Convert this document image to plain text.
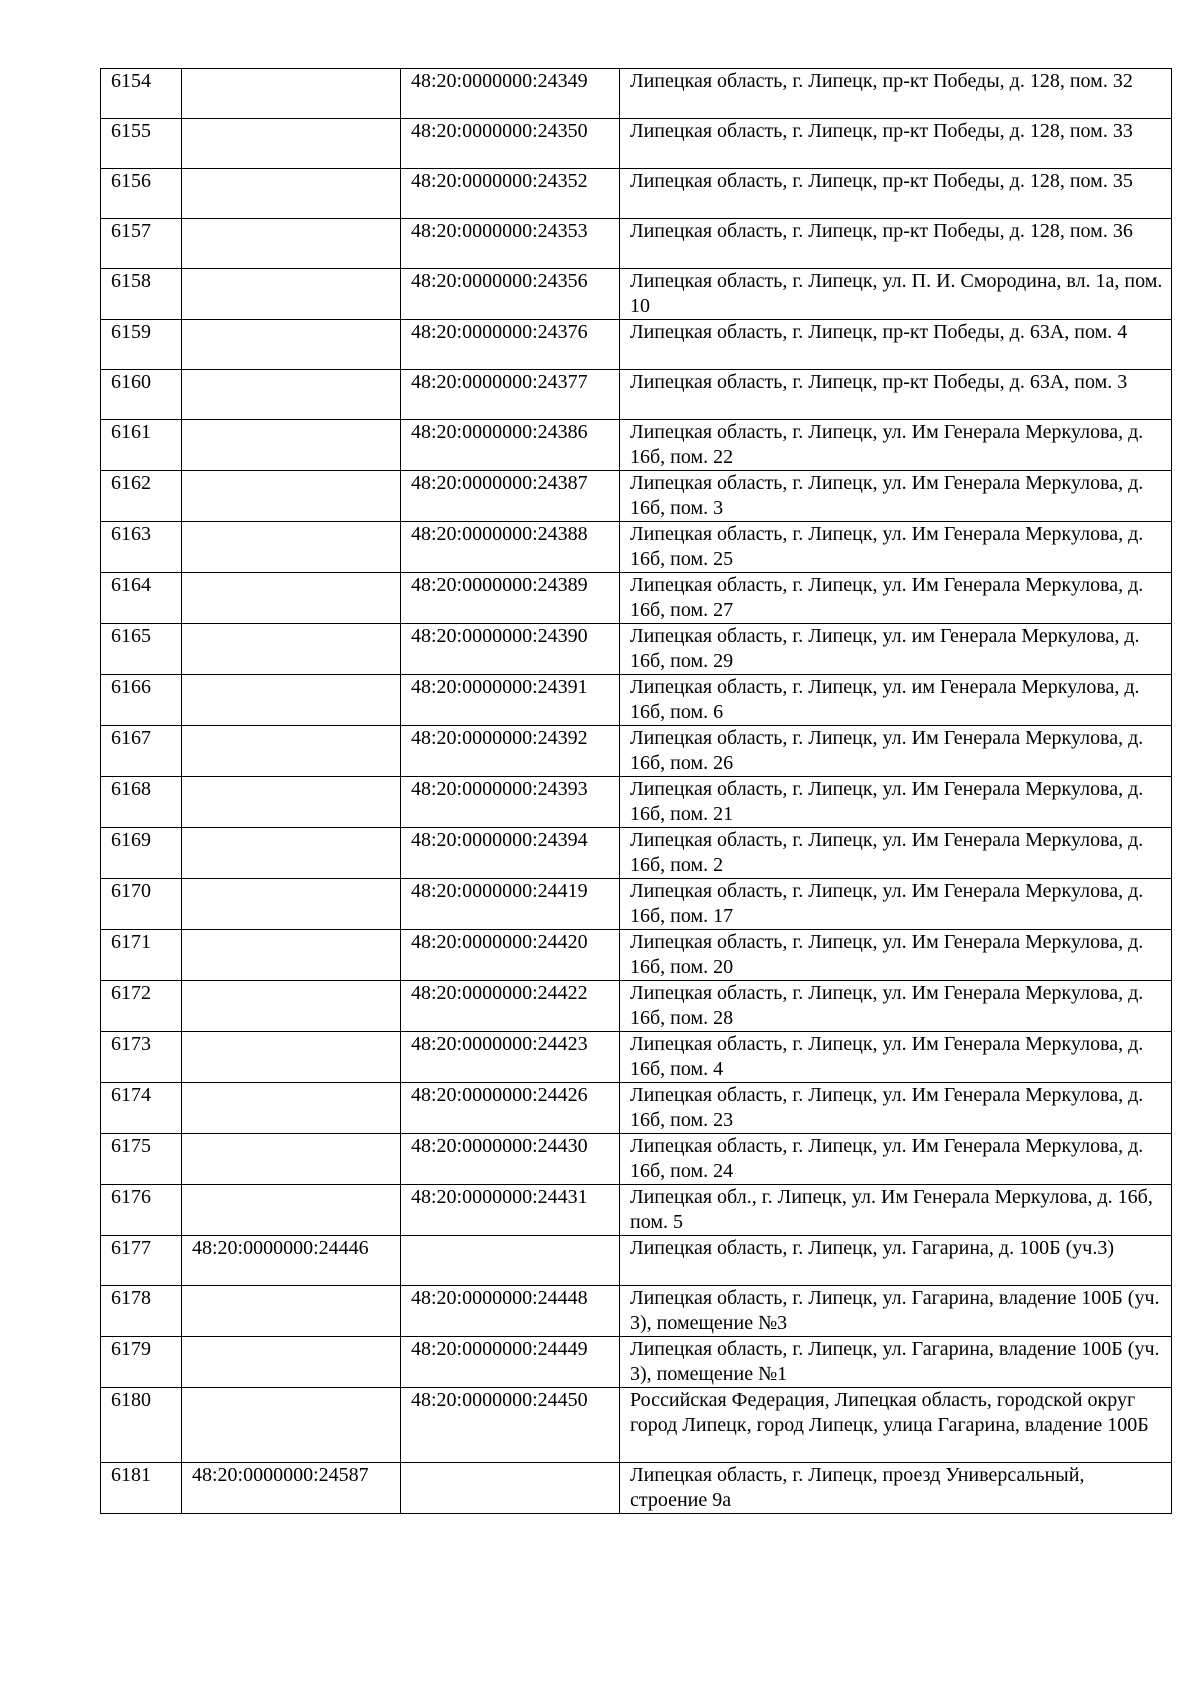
6154		48:20:0000000:24349	Липецкая область, г. Липецк, пр-кт Победы, д. 128, пом. 32
6155		48:20:0000000:24350	Липецкая область, г. Липецк, пр-кт Победы, д. 128, пом. 33
6156		48:20:0000000:24352	Липецкая область, г. Липецк, пр-кт Победы, д. 128, пом. 35
6157		48:20:0000000:24353	Липецкая область, г. Липецк, пр-кт Победы, д. 128, пом. 36
6158		48:20:0000000:24356	Липецкая область, г. Липецк, ул. П. И. Смородина, вл. 1а, пом. 10
6159		48:20:0000000:24376	Липецкая область, г. Липецк, пр-кт Победы, д. 63А, пом. 4
6160		48:20:0000000:24377	Липецкая область, г. Липецк, пр-кт Победы, д. 63А, пом. 3
6161		48:20:0000000:24386	Липецкая область, г. Липецк, ул. Им Генерала Меркулова, д. 16б, пом. 22
6162		48:20:0000000:24387	Липецкая область, г. Липецк, ул. Им Генерала Меркулова, д. 16б, пом. 3
6163		48:20:0000000:24388	Липецкая область, г. Липецк, ул. Им Генерала Меркулова, д. 16б, пом. 25
6164		48:20:0000000:24389	Липецкая область, г. Липецк, ул. Им Генерала Меркулова, д. 16б, пом. 27
6165		48:20:0000000:24390	Липецкая область, г. Липецк, ул. им Генерала Меркулова, д. 16б, пом. 29
6166		48:20:0000000:24391	Липецкая область, г. Липецк, ул. им Генерала Меркулова, д. 16б, пом. 6
6167		48:20:0000000:24392	Липецкая область, г. Липецк, ул. Им Генерала Меркулова, д. 16б, пом. 26
6168		48:20:0000000:24393	Липецкая область, г. Липецк, ул. Им Генерала Меркулова, д. 16б, пом. 21
6169		48:20:0000000:24394	Липецкая область, г. Липецк, ул. Им Генерала Меркулова, д. 16б, пом. 2
6170		48:20:0000000:24419	Липецкая область, г. Липецк, ул. Им Генерала Меркулова, д. 16б, пом. 17
6171		48:20:0000000:24420	Липецкая область, г. Липецк, ул. Им Генерала Меркулова, д. 16б, пом. 20
6172		48:20:0000000:24422	Липецкая область, г. Липецк, ул. Им Генерала Меркулова, д. 16б, пом. 28
6173		48:20:0000000:24423	Липецкая область, г. Липецк, ул. Им Генерала Меркулова, д. 16б, пом. 4
6174		48:20:0000000:24426	Липецкая область, г. Липецк, ул. Им Генерала Меркулова, д. 16б, пом. 23
6175		48:20:0000000:24430	Липецкая область, г. Липецк, ул. Им Генерала Меркулова, д. 16б, пом. 24
6176		48:20:0000000:24431	Липецкая обл., г. Липецк, ул. Им Генерала Меркулова, д. 16б, пом. 5
6177	48:20:0000000:24446		Липецкая область, г. Липецк, ул. Гагарина, д. 100Б (уч.3)
6178		48:20:0000000:24448	Липецкая область, г. Липецк, ул. Гагарина, владение 100Б (уч. 3), помещение №3
6179		48:20:0000000:24449	Липецкая область, г. Липецк, ул. Гагарина, владение 100Б (уч. 3), помещение №1
6180		48:20:0000000:24450	Российская Федерация, Липецкая область, городской округ город Липецк, город Липецк, улица Гагарина, владение 100Б
6181	48:20:0000000:24587		Липецкая область, г. Липецк, проезд Универсальный, строение 9а
